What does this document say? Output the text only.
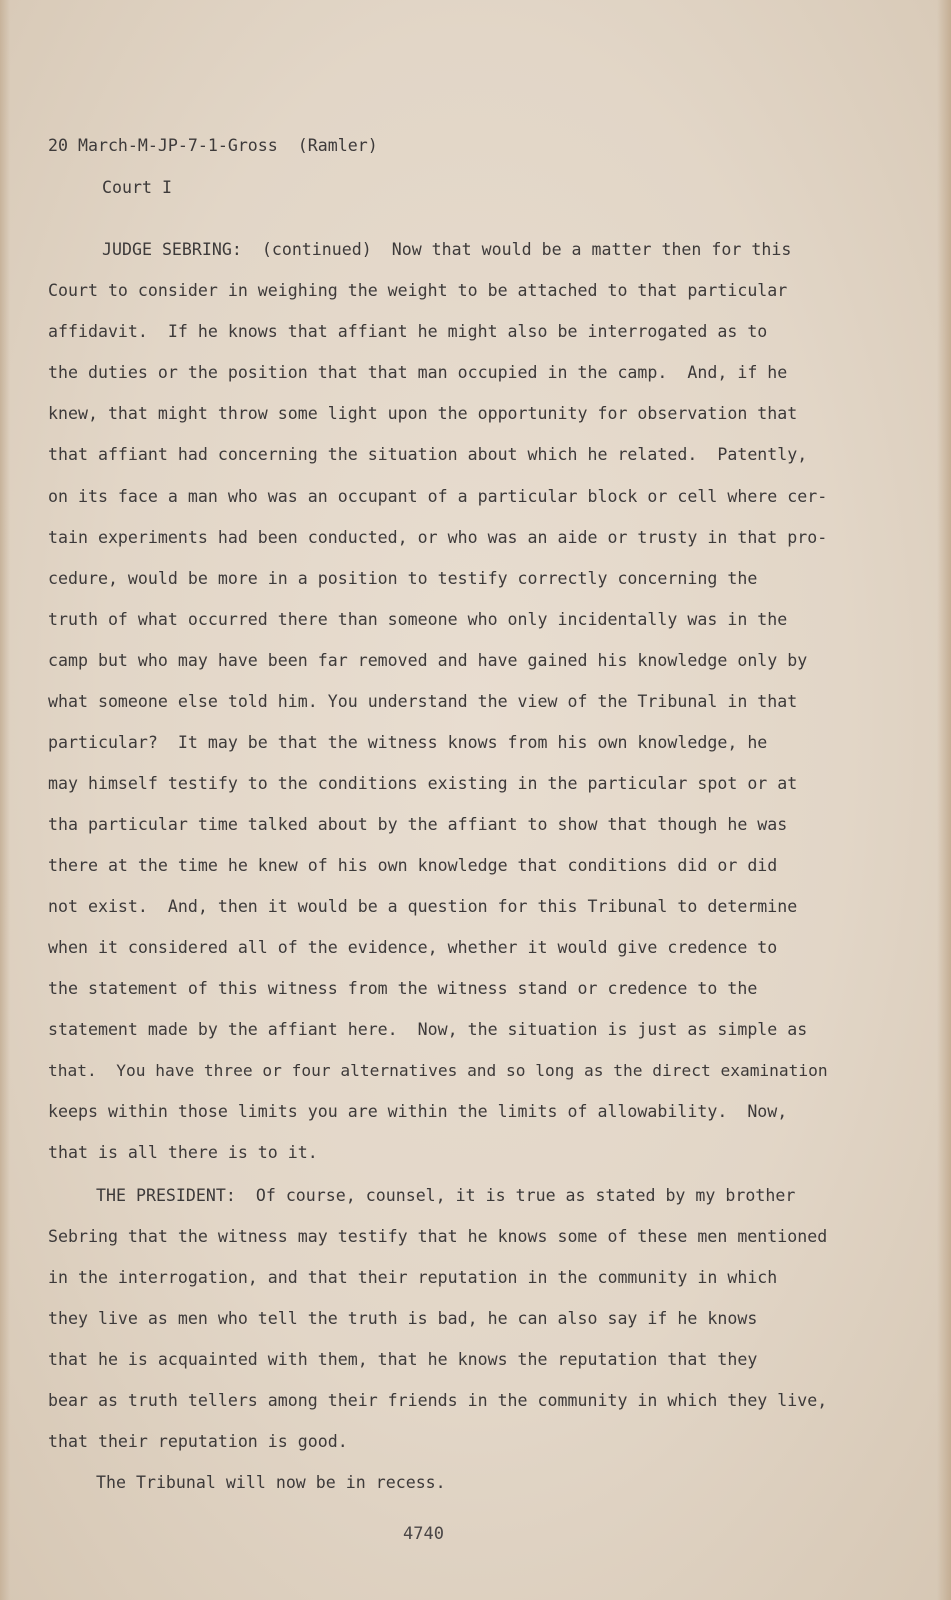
20 March-M-JP-7-1-Gross  (Ramler)
Court I
JUDGE SEBRING:  (continued)  Now that would be a matter then for this
Court to consider in weighing the weight to be attached to that particular
affidavit.  If he knows that affiant he might also be interrogated as to
the duties or the position that that man occupied in the camp.  And, if he
knew, that might throw some light upon the opportunity for observation that
that affiant had concerning the situation about which he related.  Patently,
on its face a man who was an occupant of a particular block or cell where cer-
tain experiments had been conducted, or who was an aide or trusty in that pro-
cedure, would be more in a position to testify correctly concerning the
truth of what occurred there than someone who only incidentally was in the
camp but who may have been far removed and have gained his knowledge only by
what someone else told him. You understand the view of the Tribunal in that
particular?  It may be that the witness knows from his own knowledge, he
may himself testify to the conditions existing in the particular spot or at
tha particular time talked about by the affiant to show that though he was
there at the time he knew of his own knowledge that conditions did or did
not exist.  And, then it would be a question for this Tribunal to determine
when it considered all of the evidence, whether it would give credence to
the statement of this witness from the witness stand or credence to the
statement made by the affiant here.  Now, the situation is just as simple as
that.  You have three or four alternatives and so long as the direct examination
keeps within those limits you are within the limits of allowability.  Now,
that is all there is to it.
THE PRESIDENT:  Of course, counsel, it is true as stated by my brother
Sebring that the witness may testify that he knows some of these men mentioned
in the interrogation, and that their reputation in the community in which
they live as men who tell the truth is bad, he can also say if he knows
that he is acquainted with them, that he knows the reputation that they
bear as truth tellers among their friends in the community in which they live,
that their reputation is good.
The Tribunal will now be in recess.
4740
